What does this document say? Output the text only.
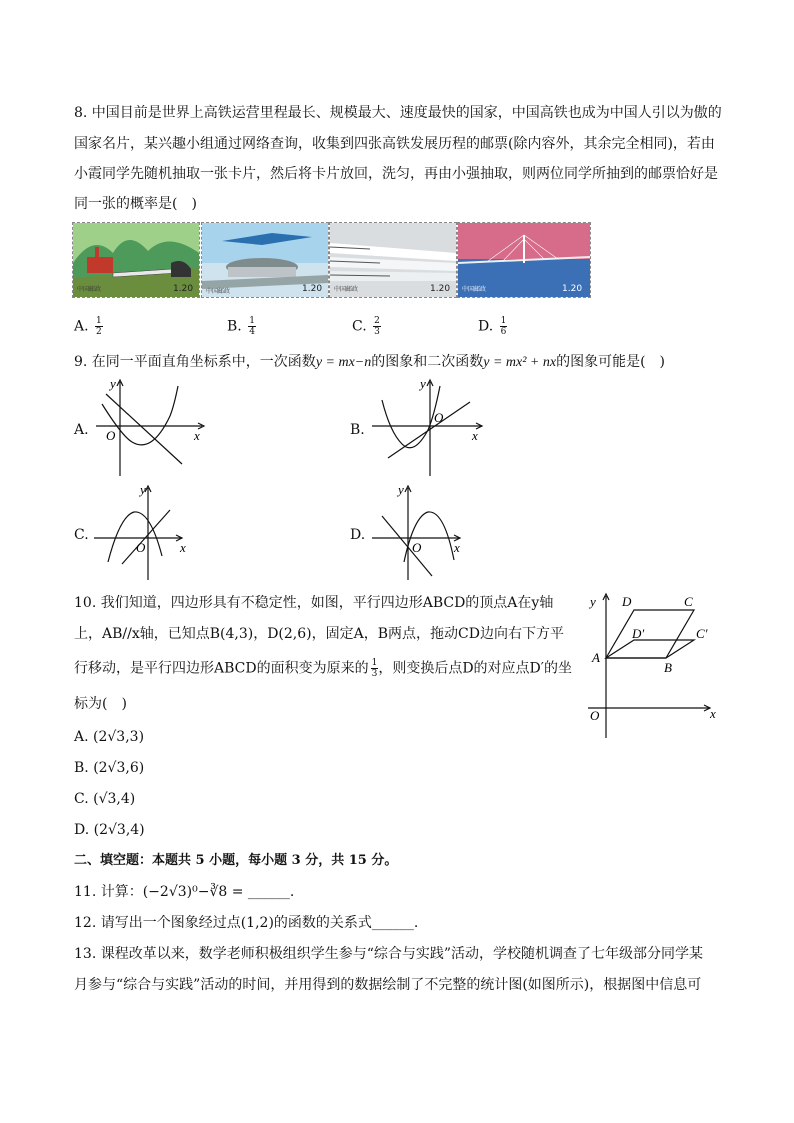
8. 中国目前是世界上高铁运营里程最长、规模最大、速度最快的国家，中国高铁也成为中国人引以为傲的
国家名片，某兴趣小组通过网络查询，收集到四张高铁发展历程的邮票(除内容外，其余完全相同)，若由
小霞同学先随机抽取一张卡片，然后将卡片放回，洗匀，再由小强抽取，则两位同学所抽到的邮票恰好是
同一张的概率是(　)
中国邮政	1.20 中国邮政	1.20 中国邮政	1.20 中国邮政	1.20
A. $\frac{1}{2}$	B. $\frac{1}{4}$	C. $\frac{2}{3}$	D. $\frac{1}{6}$
9. 在同一平面直角坐标系中，一次函数y = mx−n的图象和二次函数y = mx² + nx的图象可能是(　)
A. O	x
y
B.
O
x
y
C.
O	x
y
D.
O	x
y
10. 我们知道，四边形具有不稳定性，如图，平行四边形ABCD的顶点A在y轴
上，AB//x轴，已知点B(4,3)，D(2,6)，固定A，B两点，拖动CD边向右下方平
行移动，是平行四边形ABCD的面积变为原来的 $\frac{1}{3}$ ，则变换后点D的对应点D′的坐
标为(　)
A. (2√3,3)
B. (2√3,6)
C. (√3,4)
D. (2√3,4)
y
x
O
A
B
C
D
D′	C′
二、填空题：本题共 5 小题，每小题 3 分，共 15 分。
11. 计算：(−2√3)⁰−∛8 = ______.
12. 请写出一个图象经过点(1,2)的函数的关系式______.
13. 课程改革以来，数学老师积极组织学生参与“综合与实践”活动，学校随机调查了七年级部分同学某
月参与“综合与实践”活动的时间，并用得到的数据绘制了不完整的统计图(如图所示)，根据图中信息可
